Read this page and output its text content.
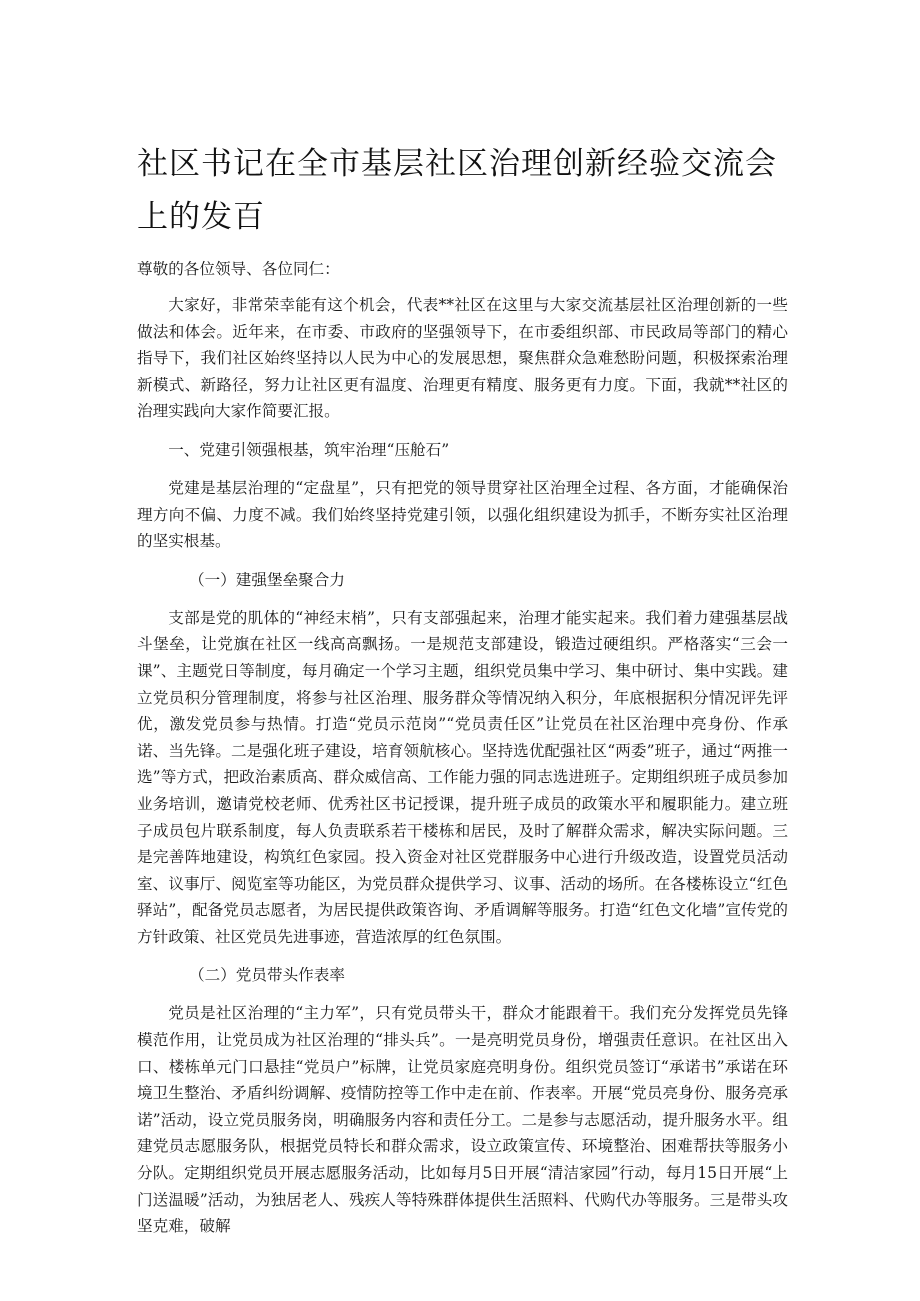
社区书记在全市基层社区治理创新经验交流会上的发百

尊敬的各位领导、各位同仁：

大家好，非常荣幸能有这个机会，代表**社区在这里与大家交流基层社区治理创新的一些做法和体会。近年来，在市委、市政府的坚强领导下，在市委组织部、市民政局等部门的精心指导下，我们社区始终坚持以人民为中心的发展思想，聚焦群众急难愁盼问题，积极探索治理新模式、新路径，努力让社区更有温度、治理更有精度、服务更有力度。下面，我就**社区的治理实践向大家作简要汇报。

一、党建引领强根基，筑牢治理“压舱石”

党建是基层治理的“定盘星”，只有把党的领导贯穿社区治理全过程、各方面，才能确保治理方向不偏、力度不减。我们始终坚持党建引领，以强化组织建设为抓手，不断夯实社区治理的坚实根基。

（一）建强堡垒聚合力

支部是党的肌体的“神经末梢”，只有支部强起来，治理才能实起来。我们着力建强基层战斗堡垒，让党旗在社区一线高高飘扬。一是规范支部建设，锻造过硬组织。严格落实“三会一课”、主题党日等制度，每月确定一个学习主题，组织党员集中学习、集中研讨、集中实践。建立党员积分管理制度，将参与社区治理、服务群众等情况纳入积分，年底根据积分情况评先评优，激发党员参与热情。打造“党员示范岗”“党员责任区”让党员在社区治理中亮身份、作承诺、当先锋。二是强化班子建设，培育领航核心。坚持选优配强社区“两委”班子，通过“两推一选”等方式，把政治素质高、群众威信高、工作能力强的同志选进班子。定期组织班子成员参加业务培训，邀请党校老师、优秀社区书记授课，提升班子成员的政策水平和履职能力。建立班子成员包片联系制度，每人负责联系若干楼栋和居民，及时了解群众需求，解决实际问题。三是完善阵地建设，构筑红色家园。投入资金对社区党群服务中心进行升级改造，设置党员活动室、议事厅、阅览室等功能区，为党员群众提供学习、议事、活动的场所。在各楼栋设立“红色驿站”，配备党员志愿者，为居民提供政策咨询、矛盾调解等服务。打造“红色文化墙”宣传党的方针政策、社区党员先进事迹，营造浓厚的红色氛围。

（二）党员带头作表率

党员是社区治理的“主力军”，只有党员带头干，群众才能跟着干。我们充分发挥党员先锋模范作用，让党员成为社区治理的“排头兵”。一是亮明党员身份，增强责任意识。在社区出入口、楼栋单元门口悬挂“党员户”标牌，让党员家庭亮明身份。组织党员签订“承诺书”承诺在环境卫生整治、矛盾纠纷调解、疫情防控等工作中走在前、作表率。开展“党员亮身份、服务亮承诺”活动，设立党员服务岗，明确服务内容和责任分工。二是参与志愿活动，提升服务水平。组建党员志愿服务队，根据党员特长和群众需求，设立政策宣传、环境整治、困难帮扶等服务小分队。定期组织党员开展志愿服务活动，比如每月5日开展“清洁家园”行动，每月15日开展“上门送温暖”活动，为独居老人、残疾人等特殊群体提供生活照料、代购代办等服务。三是带头攻坚克难，破解
